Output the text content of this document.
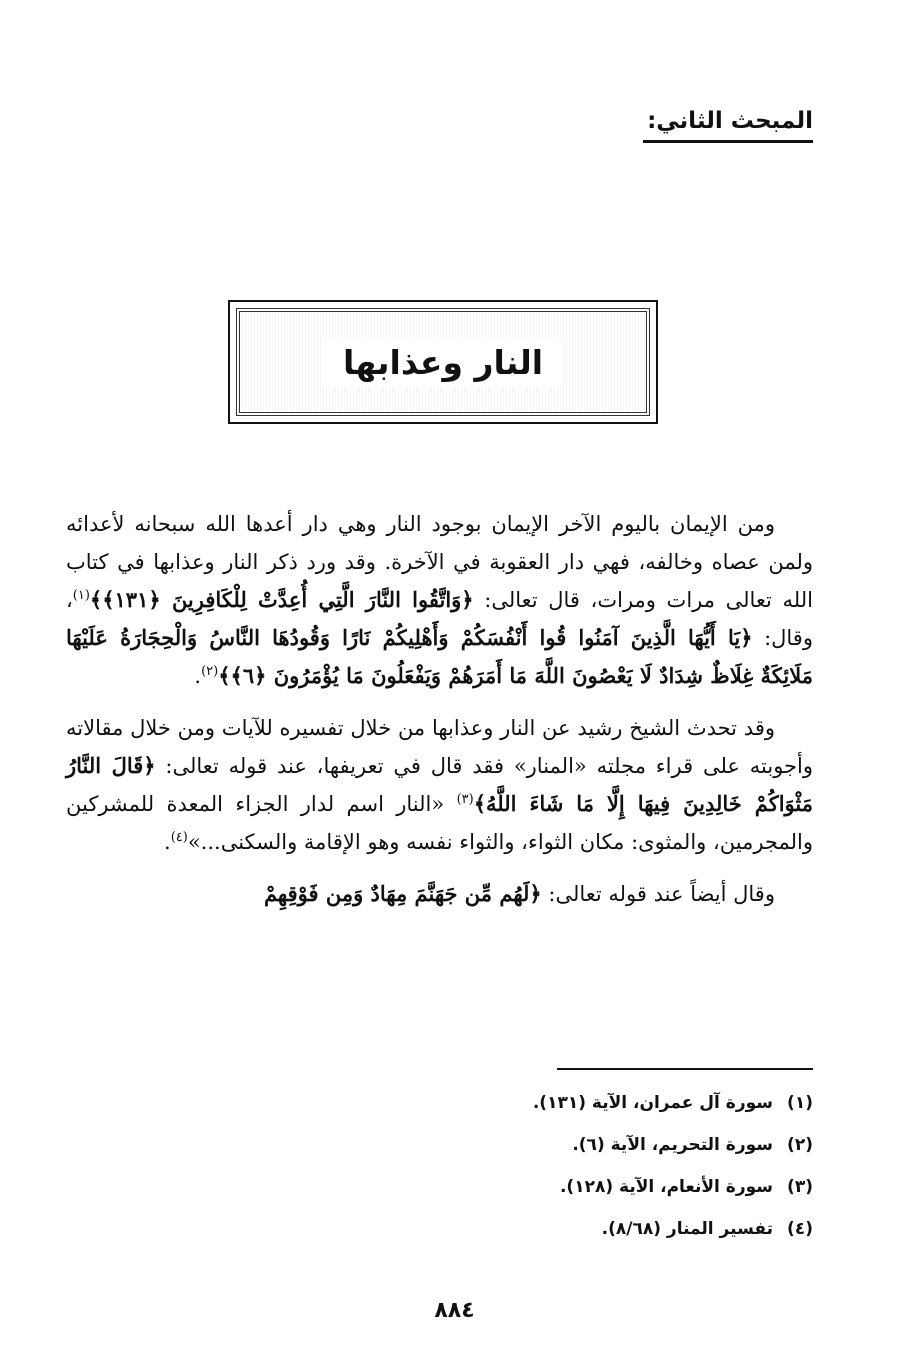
المبحث الثاني:
النار وعذابها

ومن الإيمان باليوم الآخر الإيمان بوجود النار وهي دار أعدها الله سبحانه لأعدائه ولمن عصاه وخالفه، فهي دار العقوبة في الآخرة. وقد ورد ذكر النار وعذابها في كتاب الله تعالى مرات ومرات، قال تعالى: ﴿وَاتَّقُوا النَّارَ الَّتِي أُعِدَّتْ لِلْكَافِرِينَ ﴿١٣١﴾﴾$^{(١)}$، وقال: ﴿يَا أَيُّهَا الَّذِينَ آمَنُوا قُوا أَنْفُسَكُمْ وَأَهْلِيكُمْ نَارًا وَقُودُهَا النَّاسُ وَالْحِجَارَةُ عَلَيْهَا مَلَائِكَةٌ غِلَاظٌ شِدَادٌ لَا يَعْصُونَ اللَّهَ مَا أَمَرَهُمْ وَيَفْعَلُونَ مَا يُؤْمَرُونَ ﴿٦﴾﴾$^{(٢)}$.

وقد تحدث الشيخ رشيد عن النار وعذابها من خلال تفسيره للآيات ومن خلال مقالاته وأجوبته على قراء مجلته «المنار» فقد قال في تعريفها، عند قوله تعالى: ﴿قَالَ النَّارُ مَثْوَاكُمْ خَالِدِينَ فِيهَا إِلَّا مَا شَاءَ اللَّهُ﴾$^{(٣)}$ «النار اسم لدار الجزاء المعدة للمشركين والمجرمين، والمثوى: مكان الثواء، والثواء نفسه وهو الإقامة والسكنى...»$^{(٤)}$.

وقال أيضاً عند قوله تعالى: ﴿لَهُم مِّن جَهَنَّمَ مِهَادٌ وَمِن فَوْقِهِمْ

(١)
سورة آل عمران، الآية (١٣١).
(٢)
سورة التحريم، الآية (٦).
(٣)
سورة الأنعام، الآية (١٢٨).
(٤)
تفسير المنار (٨/٦٨).
٨٨٤
